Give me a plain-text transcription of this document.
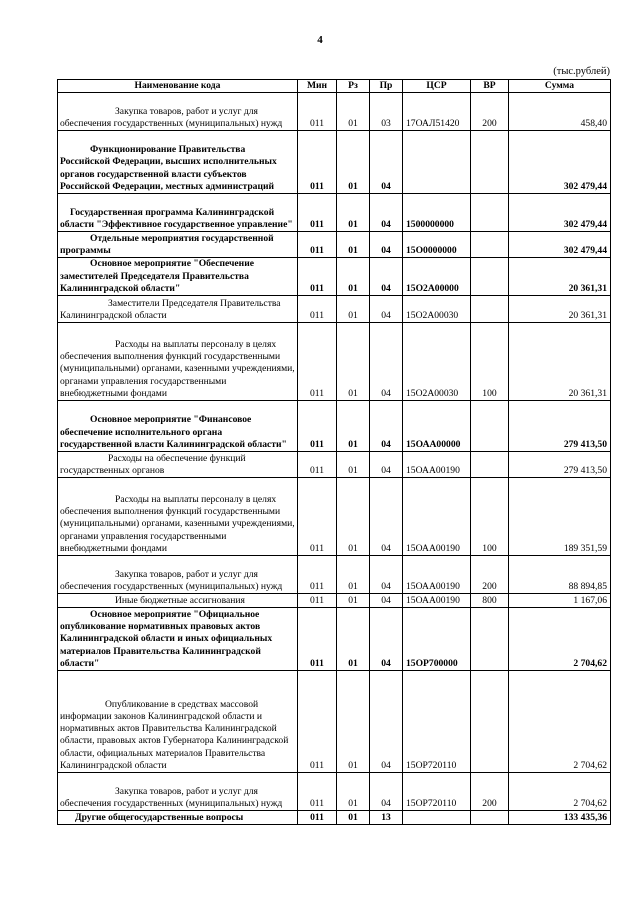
4
(тыс.рублей)
Наименование кода	Мин	Рз	Пр	ЦСР	ВР	Сумма
Закупка товаров, работ и услуг для обеспечения государственных (муниципальных) нужд	011	01	03	17ОАЛ51420	200	458,40
Функционирование Правительства Российской Федерации, высших исполнительных органов государственной власти субъектов Российской Федерации, местных администраций	011	01	04			302 479,44
Государственная программа Калининградской области "Эффективное государственное управление"	011	01	04	1500000000		302 479,44
Отдельные мероприятия государственной программы	011	01	04	15О0000000		302 479,44
Основное мероприятие "Обеспечение заместителей Председателя Правительства Калининградской области"	011	01	04	15О2А00000		20 361,31
Заместители Председателя Правительства Калининградской области	011	01	04	15О2А00030		20 361,31
Расходы на выплаты персоналу в целях обеспечения выполнения функций государственными (муниципальными) органами, казенными учреждениями, органами управления государственными внебюджетными фондами	011	01	04	15О2А00030	100	20 361,31
Основное мероприятие "Финансовое обеспечение исполнительного органа государственной власти Калининградской области"	011	01	04	15ОАА00000		279 413,50
Расходы на обеспечение функций государственных органов	011	01	04	15ОАА00190		279 413,50
Расходы на выплаты персоналу в целях обеспечения выполнения функций государственными (муниципальными) органами, казенными учреждениями, органами управления государственными внебюджетными фондами	011	01	04	15ОАА00190	100	189 351,59
Закупка товаров, работ и услуг для обеспечения государственных (муниципальных) нужд	011	01	04	15ОАА00190	200	88 894,85
Иные бюджетные ассигнования	011	01	04	15ОАА00190	800	1 167,06
Основное мероприятие "Официальное опубликование нормативных правовых актов Калининградской области и иных официальных материалов Правительства Калининградской области"	011	01	04	15ОР700000		2 704,62
Опубликование в средствах массовой информации законов Калининградской области и нормативных актов Правительства Калининградской области, правовых актов Губернатора Калининградской области, официальных материалов Правительства Калининградской области	011	01	04	15ОР720110		2 704,62
Закупка товаров, работ и услуг для обеспечения государственных (муниципальных) нужд	011	01	04	15ОР720110	200	2 704,62
Другие общегосударственные вопросы	011	01	13			133 435,36
